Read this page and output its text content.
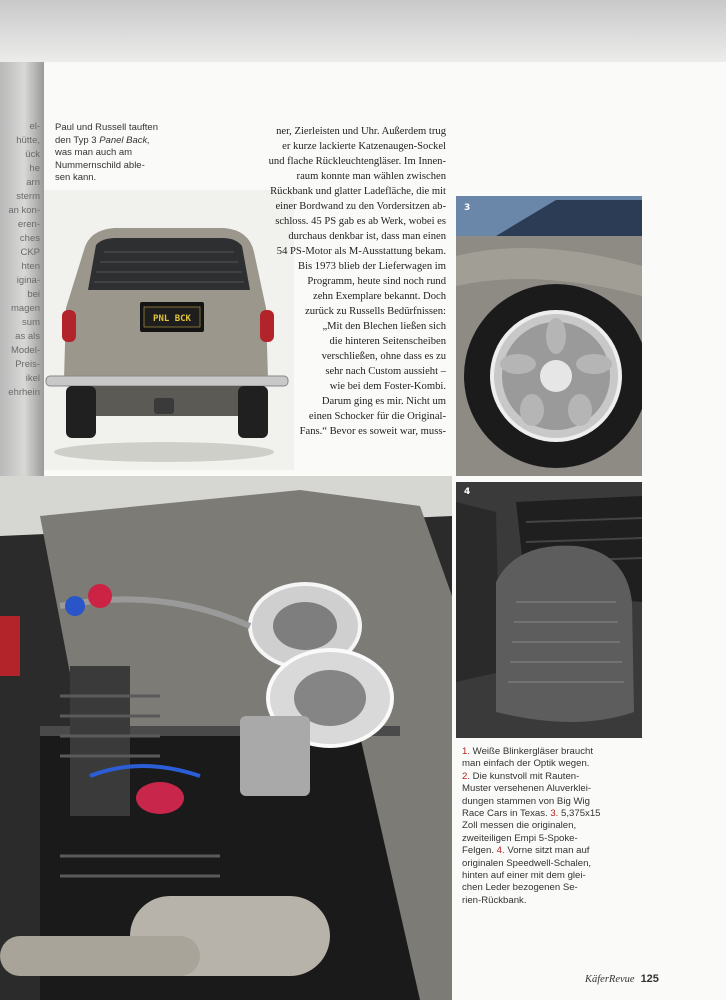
el-
hütte,
ück
he
arn
sterm
an kon-
eren-
ches
CKP
hten
igina-
bei
magen
sum
as als
Model-
Preis-
ikel
ehrhein
PNL BCK
Paul und Russell tauften
den Typ 3 Panel Back,
was man auch am
Nummernschild able-
sen kann.
ner, Zierleisten und Uhr. Außerdem trug
er kurze lackierte Katzenaugen-Sockel
und flache Rückleuchtengläser. Im Innen-
raum konnte man wählen zwischen
Rückbank und glatter Ladefläche, die mit
einer Bordwand zu den Vordersitzen ab-
schloss. 45 PS gab es ab Werk, wobei es
durchaus denkbar ist, dass man einen
54 PS-Motor als M-Ausstattung bekam.
Bis 1973 blieb der Lieferwagen im
Programm, heute sind noch rund
zehn Exemplare bekannt. Doch
zurück zu Russells Bedürfnissen:
„Mit den Blechen ließen sich
die hinteren Seitenscheiben
verschließen, ohne dass es zu
sehr nach Custom aussieht –
wie bei dem Foster-Kombi.
Darum ging es mir. Nicht um
einen Schocker für die Original-
Fans.“ Bevor es soweit war, muss-
3
4
1. Weiße Blinkergläser braucht
man einfach der Optik wegen.
2. Die kunstvoll mit Rauten-
Muster versehenen Aluverklei-
dungen stammen von Big Wig
Race Cars in Texas. 3. 5,375x15
Zoll messen die originalen,
zweiteiligen Empi 5-Spoke-
Felgen. 4. Vorne sitzt man auf
originalen Speedwell-Schalen,
hinten auf einer mit dem glei-
chen Leder bezogenen Se-
rien-Rückbank.
KäferRevue 125
